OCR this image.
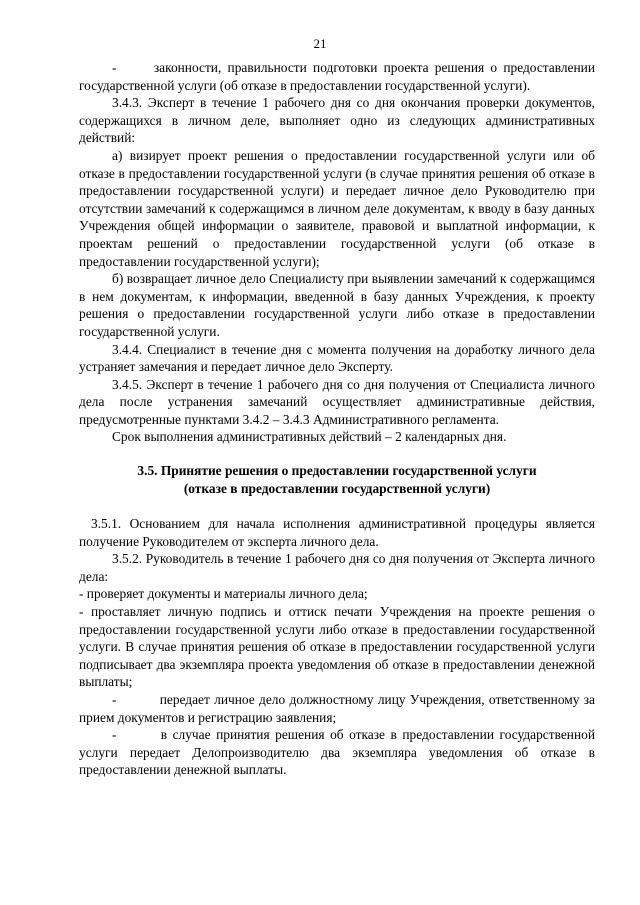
21

-      законности, правильности подготовки проекта решения о предоставлении государственной услуги (об отказе в предоставлении государственной услуги).

3.4.3. Эксперт в течение 1 рабочего дня со дня окончания проверки документов, содержащихся в личном деле, выполняет одно из следующих административных действий:

а) визирует проект решения о предоставлении государственной услуги или об отказе в предоставлении государственной услуги (в случае принятия решения об отказе в предоставлении государственной услуги) и передает личное дело Руководителю при отсутствии замечаний к содержащимся в личном деле документам, к вводу в базу данных Учреждения общей информации о заявителе, правовой и выплатной информации, к проектам решений о предоставлении государственной услуги (об отказе в предоставлении государственной услуги);

б) возвращает личное дело Специалисту при выявлении замечаний к содержащимся в нем документам, к информации, введенной в базу данных Учреждения, к проекту решения о предоставлении государственной услуги либо отказе в предоставлении государственной услуги.

3.4.4. Специалист в течение дня с момента получения на доработку личного дела устраняет замечания и передает личное дело Эксперту.

3.4.5. Эксперт в течение 1 рабочего дня со дня получения от Специалиста личного дела после устранения замечаний осуществляет административные действия, предусмотренные пунктами 3.4.2 – 3.4.3 Административного регламента.

Срок выполнения административных действий – 2 календарных дня.

3.5. Принятие решения о предоставлении государственной услуги
(отказе в предоставлении государственной услуги)

3.5.1. Основанием для начала исполнения административной процедуры является получение Руководителем от эксперта личного дела.

3.5.2. Руководитель в течение 1 рабочего дня со дня получения от Эксперта личного дела:

- проверяет документы и материалы личного дела;

- проставляет личную подпись и оттиск печати Учреждения на проекте решения о предоставлении государственной услуги либо отказе в предоставлении государственной услуги. В случае принятия решения об отказе в предоставлении государственной услуги подписывает два экземпляра проекта уведомления об отказе в предоставлении денежной выплаты;

-          передает личное дело должностному лицу Учреждения, ответственному за прием документов и регистрацию заявления;

-        в случае принятия решения об отказе в предоставлении государственной услуги передает Делопроизводителю два экземпляра уведомления об отказе в предоставлении денежной выплаты.
